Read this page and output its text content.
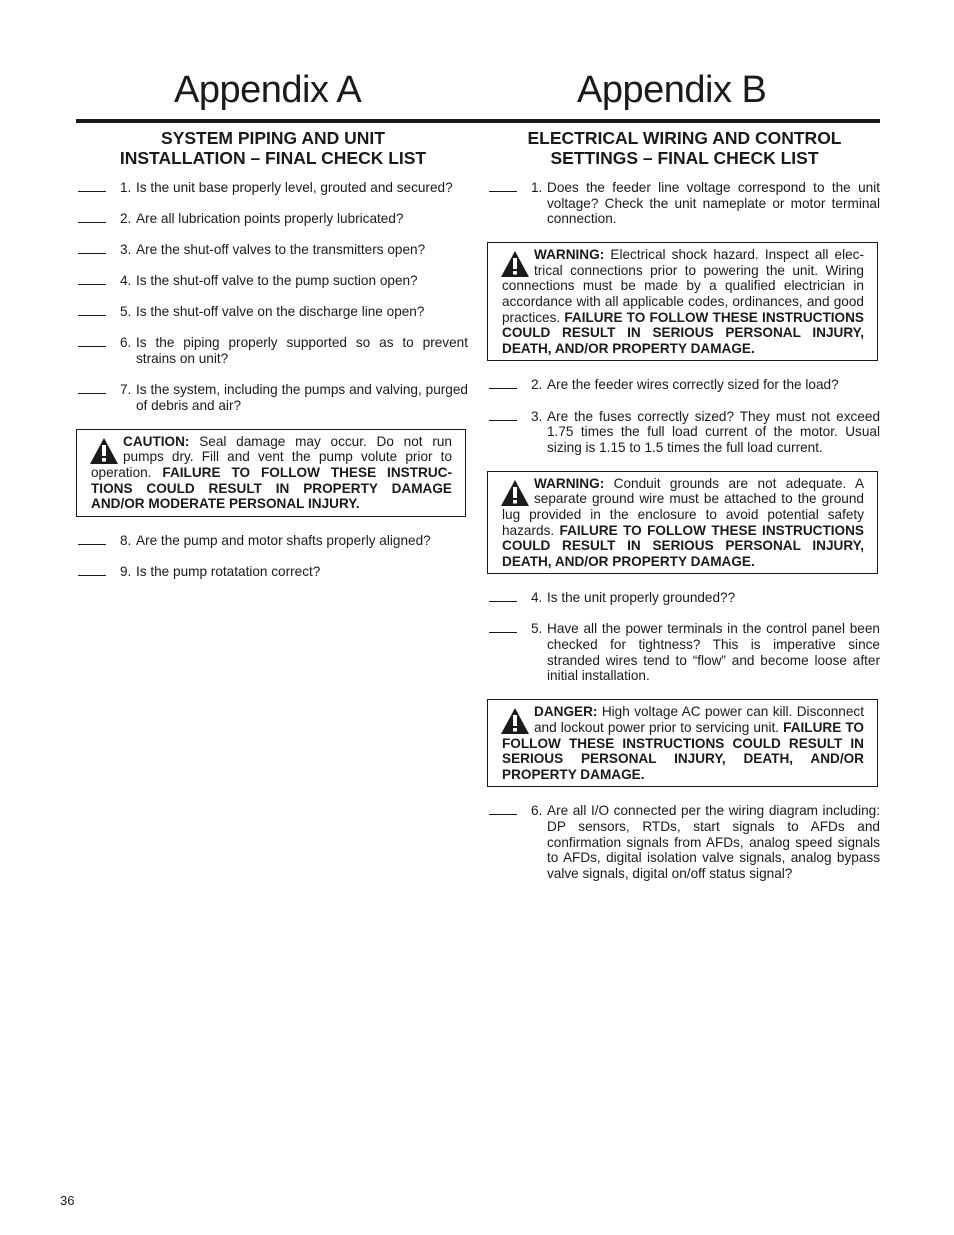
Appendix A	Appendix B
SYSTEM PIPING AND UNIT
INSTALLATION – FINAL CHECK LIST
1. Is the unit base properly level, grouted and secured?
2. Are all lubrication points properly lubricated?
3. Are the shut-off valves to the transmitters open?
4. Is the shut-off valve to the pump suction open?
5. Is the shut-off valve on the discharge line open?
6. Is the piping properly supported so as to prevent strains on unit?
7. Is the system, including the pumps and valving, purged of debris and air?
CAUTION: Seal damage may occur. Do not run pumps dry. Fill and vent the pump volute prior to operation. FAILURE TO FOLLOW THESE INSTRUCTIONS COULD RESULT IN PROPERTY DAMAGE AND/OR MODERATE PERSONAL INJURY.
8. Are the pump and motor shafts properly aligned?
9. Is the pump rotatation correct?
ELECTRICAL WIRING AND CONTROL
SETTINGS – FINAL CHECK LIST
1. Does the feeder line voltage correspond to the unit voltage? Check the unit nameplate or motor terminal connection.
WARNING: Electrical shock hazard. Inspect all electrical connections prior to powering the unit. Wiring connections must be made by a qualified electrician in accordance with all applicable codes, ordinances, and good practices. FAILURE TO FOLLOW THESE INSTRUCTIONS COULD RESULT IN SERIOUS PERSONAL INJURY, DEATH, AND/OR PROPERTY DAMAGE.
2. Are the feeder wires correctly sized for the load?
3. Are the fuses correctly sized? They must not exceed 1.75 times the full load current of the motor. Usual sizing is 1.15 to 1.5 times the full load current.
WARNING: Conduit grounds are not adequate. A separate ground wire must be attached to the ground lug provided in the enclosure to avoid potential safety hazards. FAILURE TO FOLLOW THESE INSTRUCTIONS COULD RESULT IN SERIOUS PERSONAL INJURY, DEATH, AND/OR PROPERTY DAMAGE.
4. Is the unit properly grounded??
5. Have all the power terminals in the control panel been checked for tightness? This is imperative since stranded wires tend to “flow” and become loose after initial installation.
DANGER: High voltage AC power can kill. Disconnect and lockout power prior to servicing unit. FAILURE TO FOLLOW THESE INSTRUCTIONS COULD RESULT IN SERIOUS PERSONAL INJURY, DEATH, AND/OR PROPERTY DAMAGE.
6. Are all I/O connected per the wiring diagram including: DP sensors, RTDs, start signals to AFDs and confirmation signals from AFDs, analog speed signals to AFDs, digital isolation valve signals, analog bypass valve signals, digital on/off status signal?
36
